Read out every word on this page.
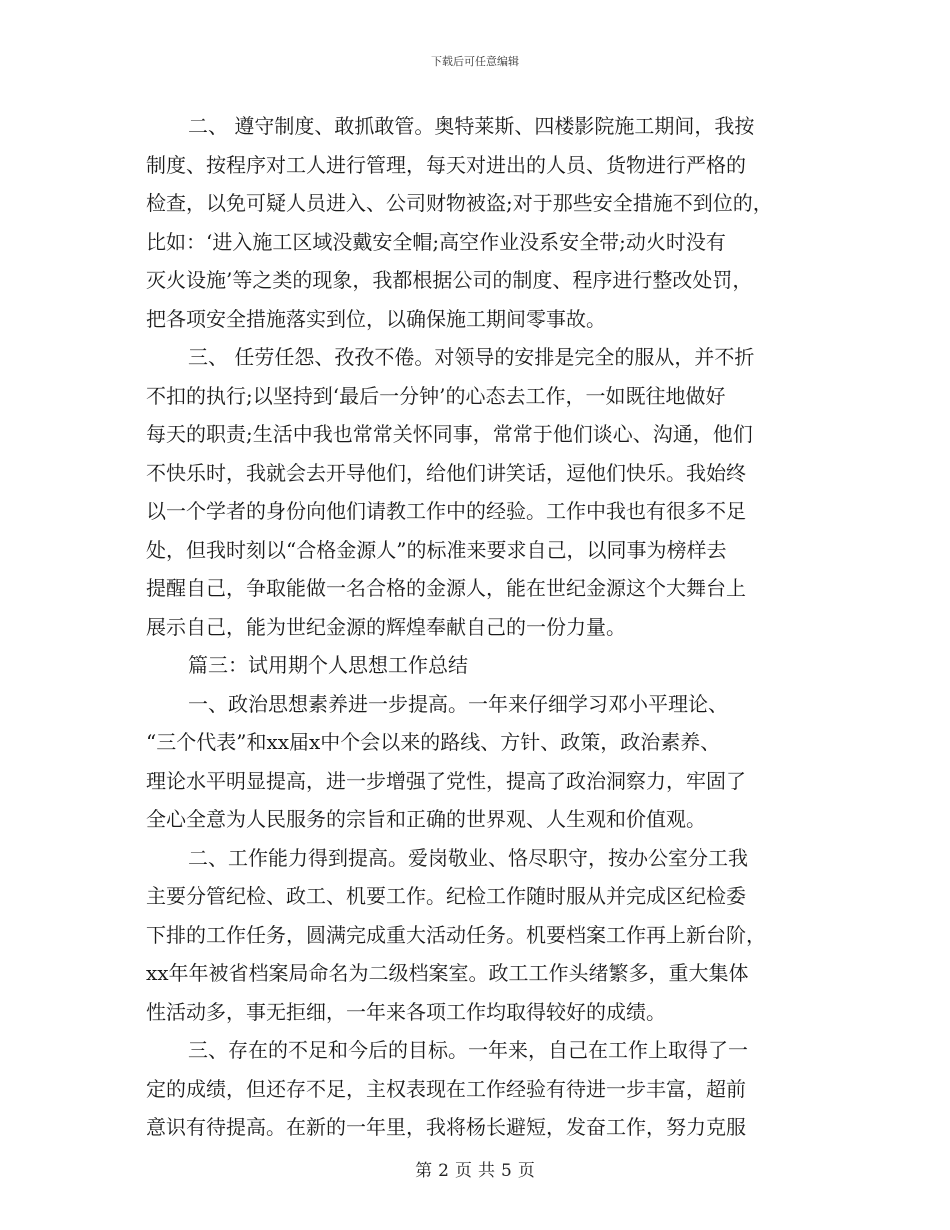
下载后可任意编辑
二、 遵守制度、敢抓敢管。奥特莱斯、四楼影院施工期间，我按
制度、按程序对工人进行管理，每天对进出的人员、货物进行严格的
检查，以免可疑人员进入、公司财物被盗;对于那些安全措施不到位的，
比如：‘进入施工区域没戴安全帽;高空作业没系安全带;动火时没有
灭火设施’等之类的现象，我都根据公司的制度、程序进行整改处罚，
把各项安全措施落实到位，以确保施工期间零事故。
三、 任劳任怨、孜孜不倦。对领导的安排是完全的服从，并不折
不扣的执行;以坚持到‘最后一分钟’的心态去工作，一如既往地做好
每天的职责;生活中我也常常关怀同事，常常于他们谈心、沟通，他们
不快乐时，我就会去开导他们，给他们讲笑话，逗他们快乐。我始终
以一个学者的身份向他们请教工作中的经验。工作中我也有很多不足
处，但我时刻以“合格金源人”的标准来要求自己，以同事为榜样去
提醒自己，争取能做一名合格的金源人，能在世纪金源这个大舞台上
展示自己，能为世纪金源的辉煌奉献自己的一份力量。
篇三：试用期个人思想工作总结
一、政治思想素养进一步提高。一年来仔细学习邓小平理论、
“三个代表”和xx届x中个会以来的路线、方针、政策，政治素养、
理论水平明显提高，进一步增强了党性，提高了政治洞察力，牢固了
全心全意为人民服务的宗旨和正确的世界观、人生观和价值观。
二、工作能力得到提高。爱岗敬业、恪尽职守，按办公室分工我
主要分管纪检、政工、机要工作。纪检工作随时服从并完成区纪检委
下排的工作任务，圆满完成重大活动任务。机要档案工作再上新台阶，
xx年年被省档案局命名为二级档案室。政工工作头绪繁多，重大集体
性活动多，事无拒细，一年来各项工作均取得较好的成绩。
三、存在的不足和今后的目标。一年来，自己在工作上取得了一
定的成绩，但还存不足，主权表现在工作经验有待进一步丰富，超前
意识有待提高。在新的一年里，我将杨长避短，发奋工作，努力克服
第 2 页 共 5 页
